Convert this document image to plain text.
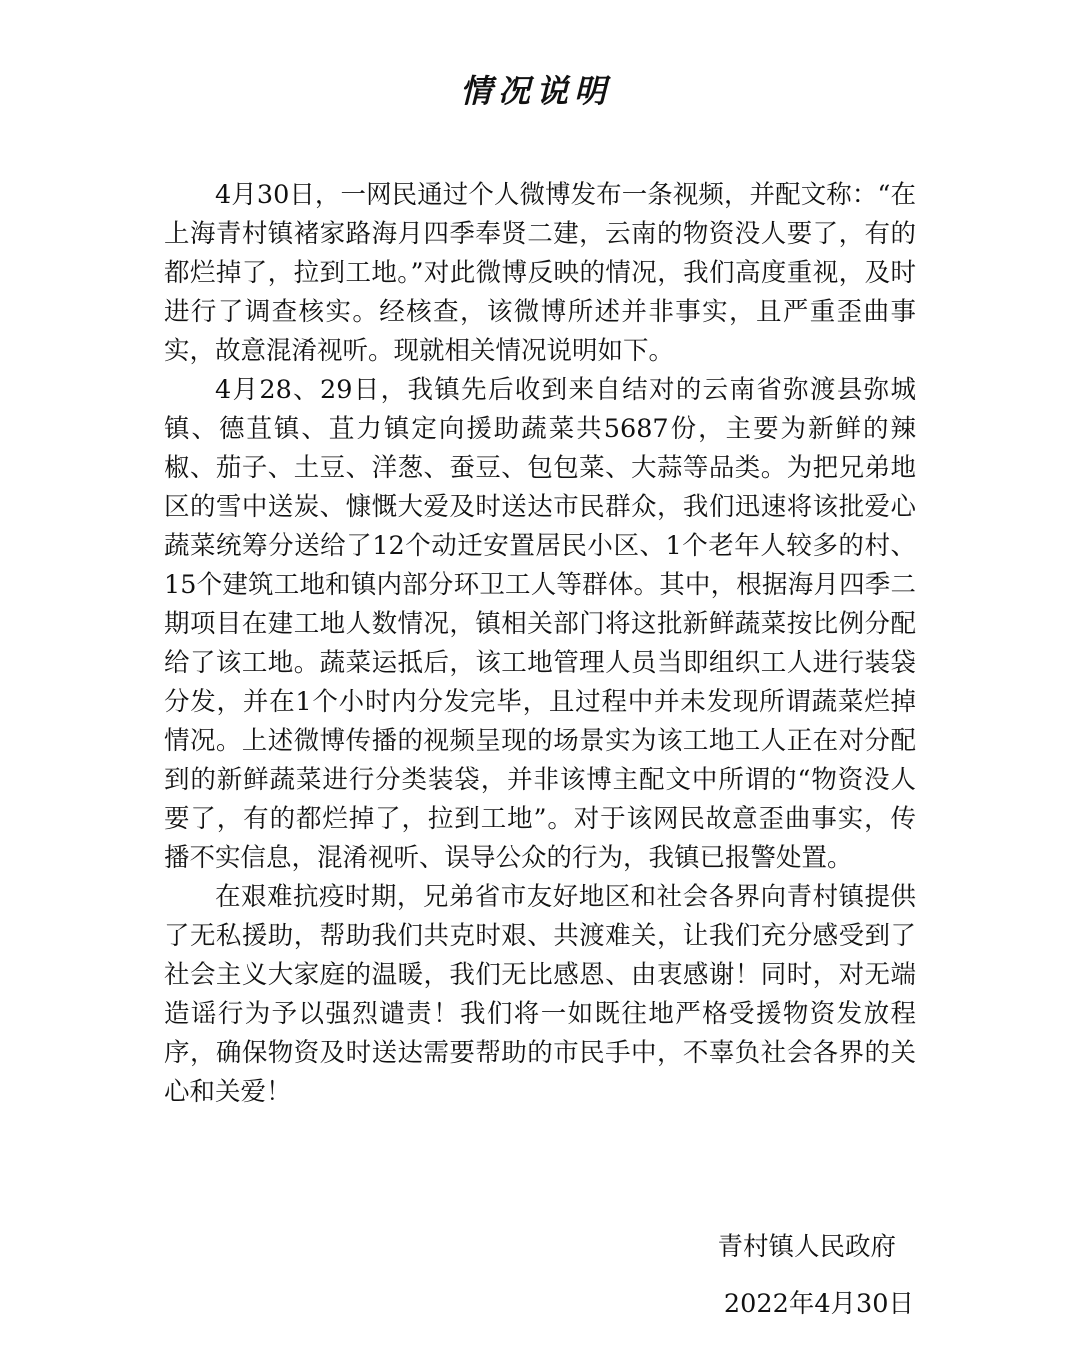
情况说明

4月30日，一网民通过个人微博发布一条视频，并配文称：“在上海青村镇褚家路海月四季奉贤二建，云南的物资没人要了，有的都烂掉了，拉到工地。”对此微博反映的情况，我们高度重视，及时进行了调查核实。经核查，该微博所述并非事实，且严重歪曲事实，故意混淆视听。现就相关情况说明如下。

4月28、29日，我镇先后收到来自结对的云南省弥渡县弥城镇、德苴镇、苴力镇定向援助蔬菜共5687份，主要为新鲜的辣椒、茄子、土豆、洋葱、蚕豆、包包菜、大蒜等品类。为把兄弟地区的雪中送炭、慷慨大爱及时送达市民群众，我们迅速将该批爱心蔬菜统筹分送给了12个动迁安置居民小区、1个老年人较多的村、15个建筑工地和镇内部分环卫工人等群体。其中，根据海月四季二期项目在建工地人数情况，镇相关部门将这批新鲜蔬菜按比例分配给了该工地。蔬菜运抵后，该工地管理人员当即组织工人进行装袋分发，并在1个小时内分发完毕，且过程中并未发现所谓蔬菜烂掉情况。上述微博传播的视频呈现的场景实为该工地工人正在对分配到的新鲜蔬菜进行分类装袋，并非该博主配文中所谓的“物资没人要了，有的都烂掉了，拉到工地”。对于该网民故意歪曲事实，传播不实信息，混淆视听、误导公众的行为，我镇已报警处置。

在艰难抗疫时期，兄弟省市友好地区和社会各界向青村镇提供了无私援助，帮助我们共克时艰、共渡难关，让我们充分感受到了社会主义大家庭的温暖，我们无比感恩、由衷感谢！同时，对无端造谣行为予以强烈谴责！我们将一如既往地严格受援物资发放程序，确保物资及时送达需要帮助的市民手中，不辜负社会各界的关心和关爱！

青村镇人民政府
2022年4月30日
